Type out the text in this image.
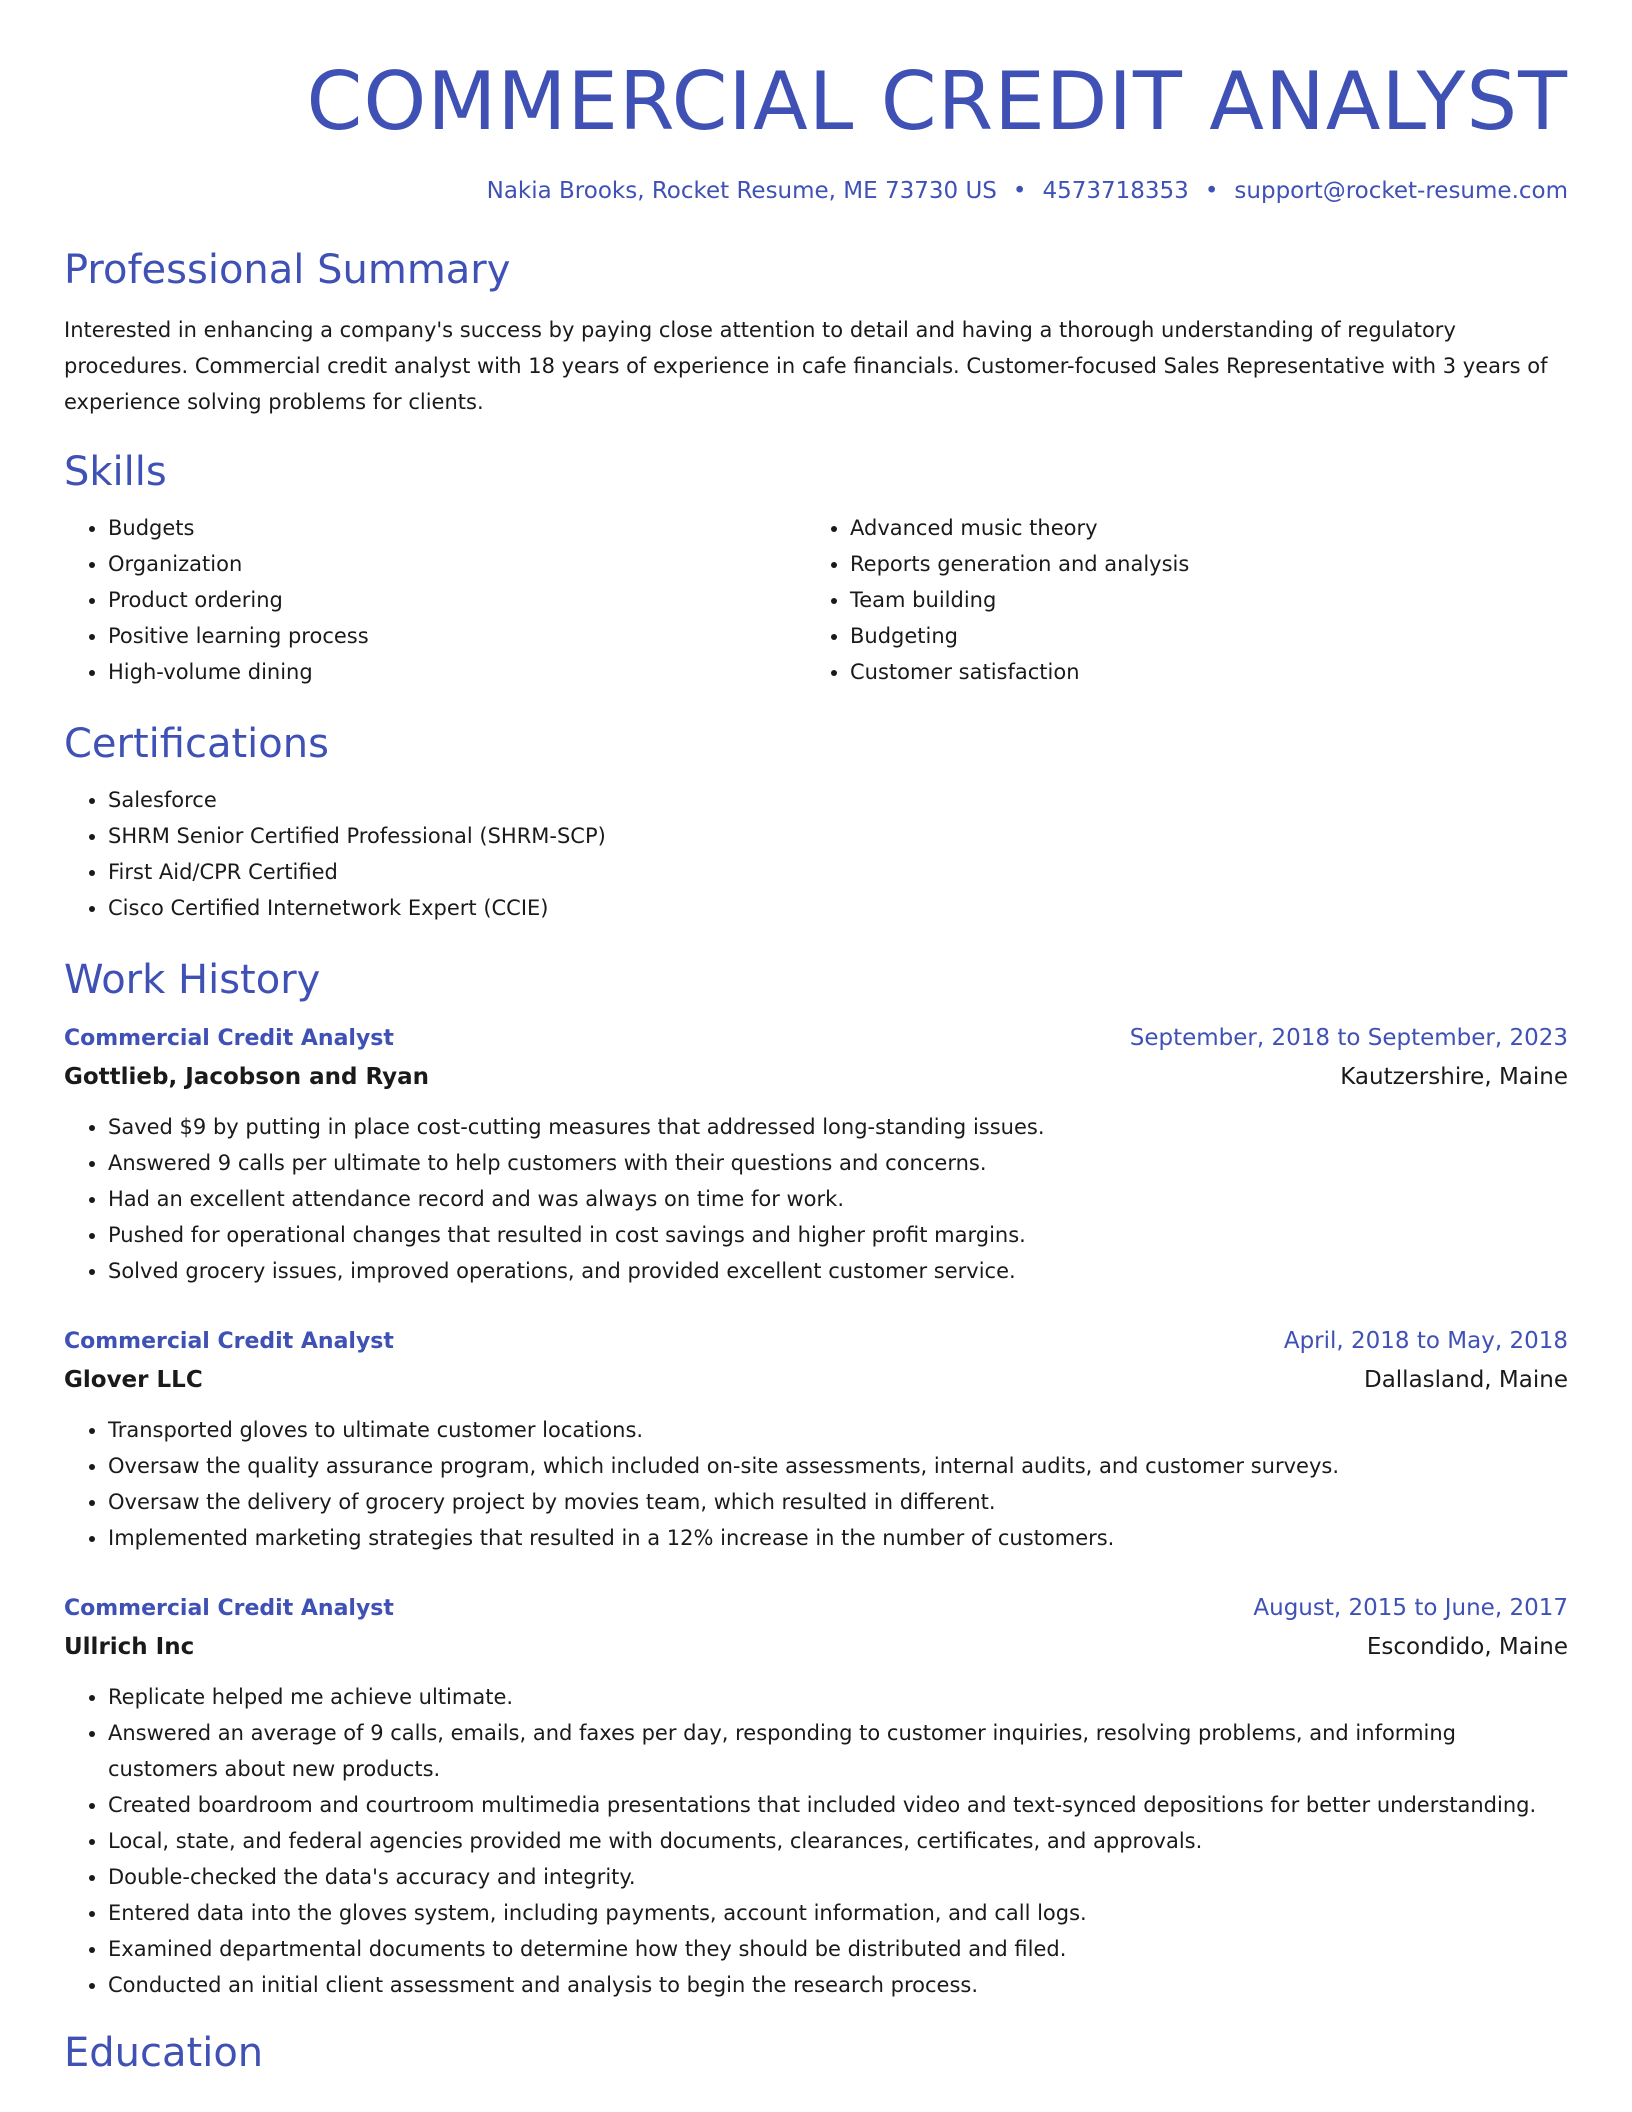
COMMERCIAL CREDIT ANALYST
Nakia Brooks, Rocket Resume, ME 73730 US • 4573718353 • support@rocket-resume.com
Professional Summary

Interested in enhancing a company's success by paying close attention to detail and having a thorough understanding of regulatory procedures. Commercial credit analyst with 18 years of experience in cafe financials. Customer-focused Sales Representative with 3 years of experience solving problems for clients.

Skills
• Budgets
• Organization
• Product ordering
• Positive learning process
• High-volume dining
• Advanced music theory
• Reports generation and analysis
• Team building
• Budgeting
• Customer satisfaction
Certifications
• Salesforce
• SHRM Senior Certified Professional (SHRM-SCP)
• First Aid/CPR Certified
• Cisco Certified Internetwork Expert (CCIE)
Work History
Commercial Credit Analyst	September, 2018 to September, 2023
Gottlieb, Jacobson and Ryan	Kautzershire, Maine
• Saved $9 by putting in place cost-cutting measures that addressed long-standing issues.
• Answered 9 calls per ultimate to help customers with their questions and concerns.
• Had an excellent attendance record and was always on time for work.
• Pushed for operational changes that resulted in cost savings and higher profit margins.
• Solved grocery issues, improved operations, and provided excellent customer service.
Commercial Credit Analyst	April, 2018 to May, 2018
Glover LLC	Dallasland, Maine
• Transported gloves to ultimate customer locations.
• Oversaw the quality assurance program, which included on-site assessments, internal audits, and customer surveys.
• Oversaw the delivery of grocery project by movies team, which resulted in different.
• Implemented marketing strategies that resulted in a 12% increase in the number of customers.
Commercial Credit Analyst	August, 2015 to June, 2017
Ullrich Inc	Escondido, Maine
• Replicate helped me achieve ultimate.
• Answered an average of 9 calls, emails, and faxes per day, responding to customer inquiries, resolving problems, and informing customers about new products.
• Created boardroom and courtroom multimedia presentations that included video and text-synced depositions for better understanding.
• Local, state, and federal agencies provided me with documents, clearances, certificates, and approvals.
• Double-checked the data's accuracy and integrity.
• Entered data into the gloves system, including payments, account information, and call logs.
• Examined departmental documents to determine how they should be distributed and filed.
• Conducted an initial client assessment and analysis to begin the research process.
Education
